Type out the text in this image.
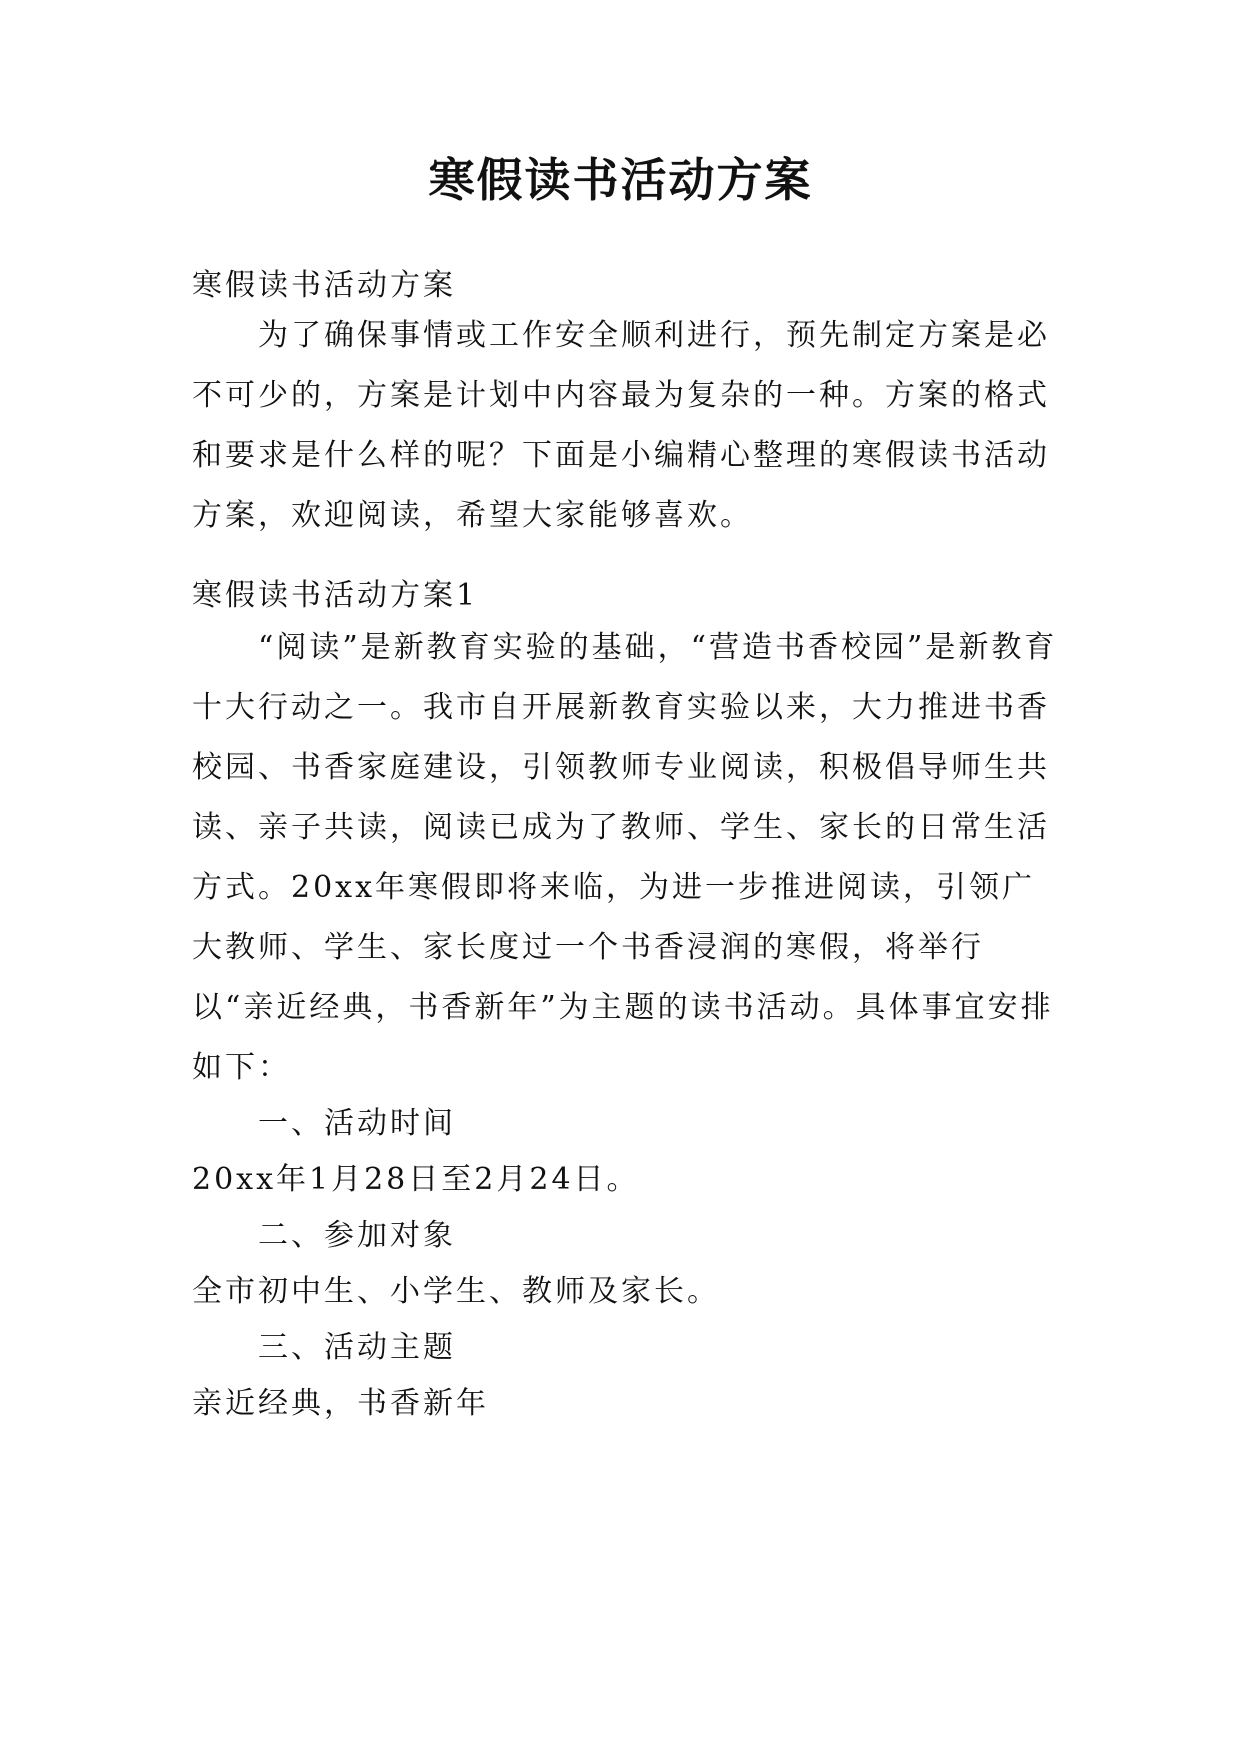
寒假读书活动方案

寒假读书活动方案

为了确保事情或工作安全顺利进行，预先制定方案是必不可少的，方案是计划中内容最为复杂的一种。方案的格式和要求是什么样的呢？下面是小编精心整理的寒假读书活动方案，欢迎阅读，希望大家能够喜欢。

寒假读书活动方案1

“阅读”是新教育实验的基础，“营造书香校园”是新教育十大行动之一。我市自开展新教育实验以来，大力推进书香校园、书香家庭建设，引领教师专业阅读，积极倡导师生共读、亲子共读，阅读已成为了教师、学生、家长的日常生活方式。20xx年寒假即将来临，为进一步推进阅读，引领广大教师、学生、家长度过一个书香浸润的寒假，将举行以“亲近经典，书香新年”为主题的读书活动。具体事宜安排如下：

一、活动时间

20xx年1月28日至2月24日。

二、参加对象

全市初中生、小学生、教师及家长。

三、活动主题

亲近经典，书香新年
